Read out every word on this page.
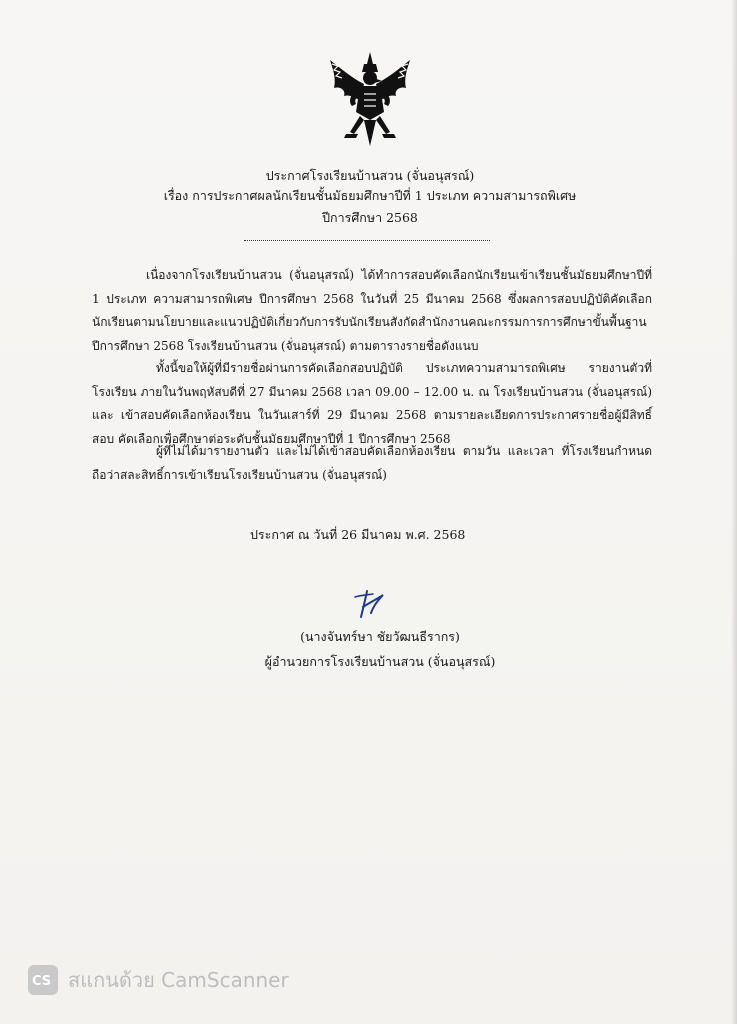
ประกาศโรงเรียนบ้านสวน (จั่นอนุสรณ์)
เรื่อง การประกาศผลนักเรียนชั้นมัธยมศึกษาปีที่ 1 ประเภท ความสามารถพิเศษ
ปีการศึกษา 2568
เนื่องจากโรงเรียนบ้านสวน (จั่นอนุสรณ์) ได้ทำการสอบคัดเลือกนักเรียนเข้าเรียนชั้นมัธยมศึกษาปีที่ 1 ประเภท ความสามารถพิเศษ ปีการศึกษา 2568 ในวันที่ 25 มีนาคม 2568 ซึ่งผลการสอบปฏิบัติคัดเลือกนักเรียนตามนโยบายและแนวปฏิบัติเกี่ยวกับการรับนักเรียนสังกัดสำนักงานคณะกรรมการการศึกษาขั้นพื้นฐาน ปีการศึกษา 2568 โรงเรียนบ้านสวน (จั่นอนุสรณ์) ตามตารางรายชื่อดังแนบ
ทั้งนี้ขอให้ผู้ที่มีรายชื่อผ่านการคัดเลือกสอบปฏิบัติ ประเภทความสามารถพิเศษ รายงานตัวที่โรงเรียน ภายในวันพฤหัสบดีที่ 27 มีนาคม 2568 เวลา 09.00 – 12.00 น. ณ โรงเรียนบ้านสวน (จั่นอนุสรณ์) และ เข้าสอบคัดเลือกห้องเรียน ในวันเสาร์ที่ 29 มีนาคม 2568 ตามรายละเอียดการประกาศรายชื่อผู้มีสิทธิ์สอบ คัดเลือกเพื่อศึกษาต่อระดับชั้นมัธยมศึกษาปีที่ 1 ปีการศึกษา 2568
ผู้ที่ไม่ได้มารายงานตัว และไม่ได้เข้าสอบคัดเลือกห้องเรียน ตามวัน และเวลา ที่โรงเรียนกำหนด ถือว่าสละสิทธิ์การเข้าเรียนโรงเรียนบ้านสวน (จั่นอนุสรณ์)
ประกาศ ณ วันที่ 26 มีนาคม พ.ศ. 2568
(นางจันทร์ษา ชัยวัฒนธีรากร)
ผู้อำนวยการโรงเรียนบ้านสวน (จั่นอนุสรณ์)
CS สแกนด้วย CamScanner
